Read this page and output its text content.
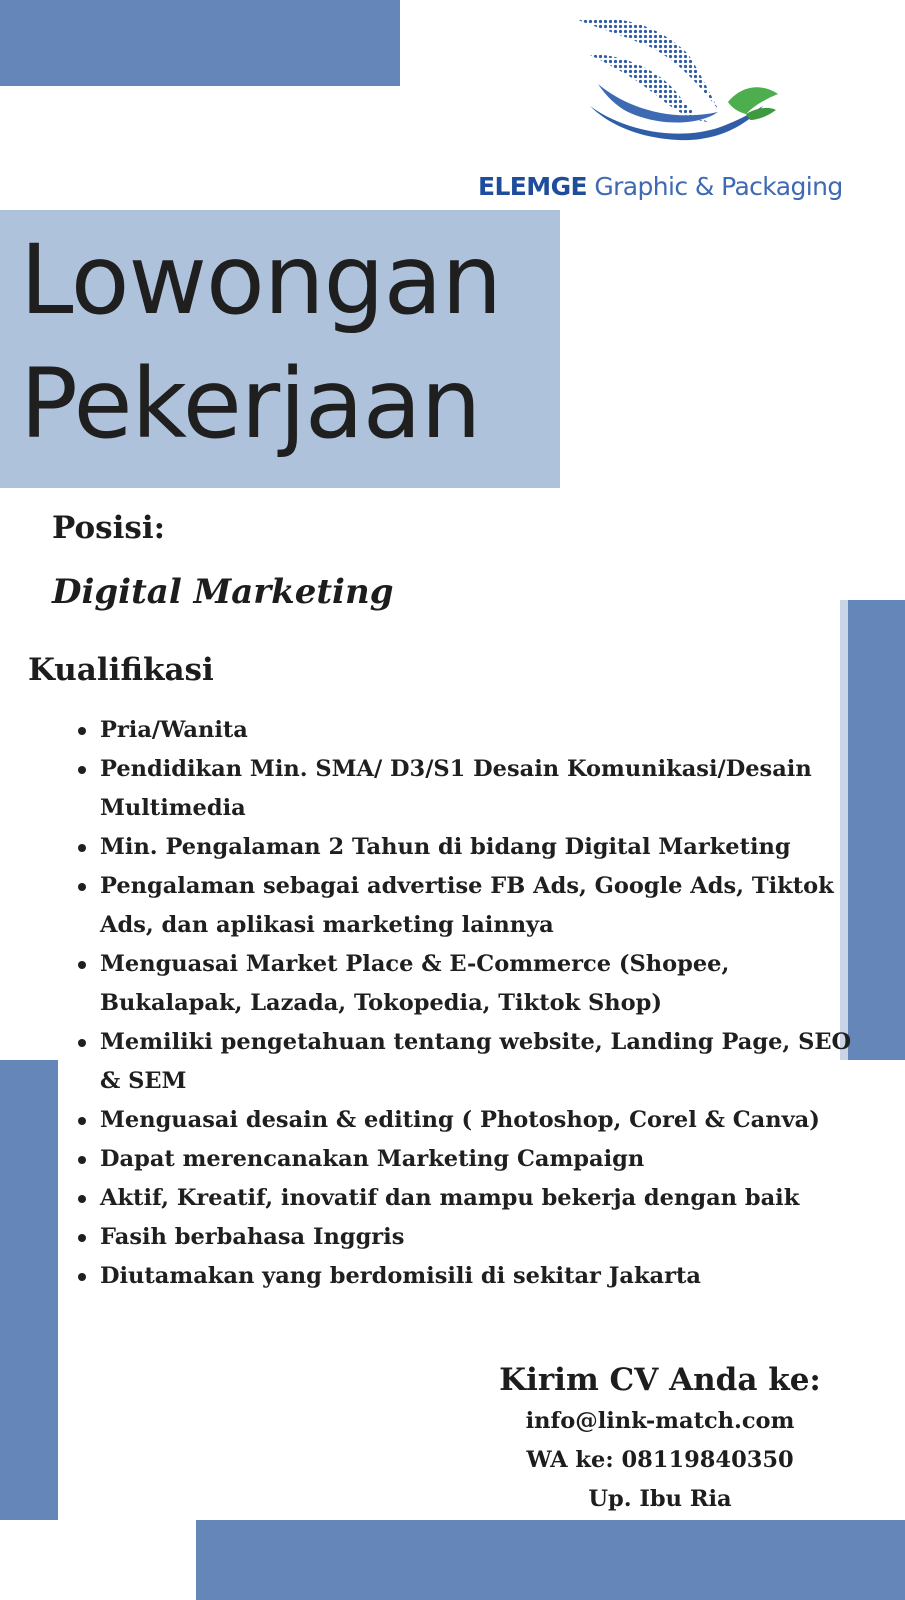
ELEMGE Graphic & Packaging
Lowongan
Pekerjaan
Posisi:
Digital Marketing
Kualifikasi
Pria/Wanita
Pendidikan Min. SMA/ D3/S1 Desain Komunikasi/Desain Multimedia
Min. Pengalaman 2 Tahun di bidang Digital Marketing
Pengalaman sebagai advertise FB Ads, Google Ads, Tiktok Ads, dan aplikasi marketing lainnya
Menguasai Market Place & E-Commerce (Shopee, Bukalapak, Lazada, Tokopedia, Tiktok Shop)
Memiliki pengetahuan tentang website, Landing Page, SEO & SEM
Menguasai desain & editing ( Photoshop, Corel & Canva)
Dapat merencanakan Marketing Campaign
Aktif, Kreatif, inovatif dan mampu bekerja dengan baik
Fasih berbahasa Inggris
Diutamakan yang berdomisili di sekitar Jakarta
Kirim CV Anda ke:
info@link-match.com
WA ke: 08119840350
Up. Ibu Ria
